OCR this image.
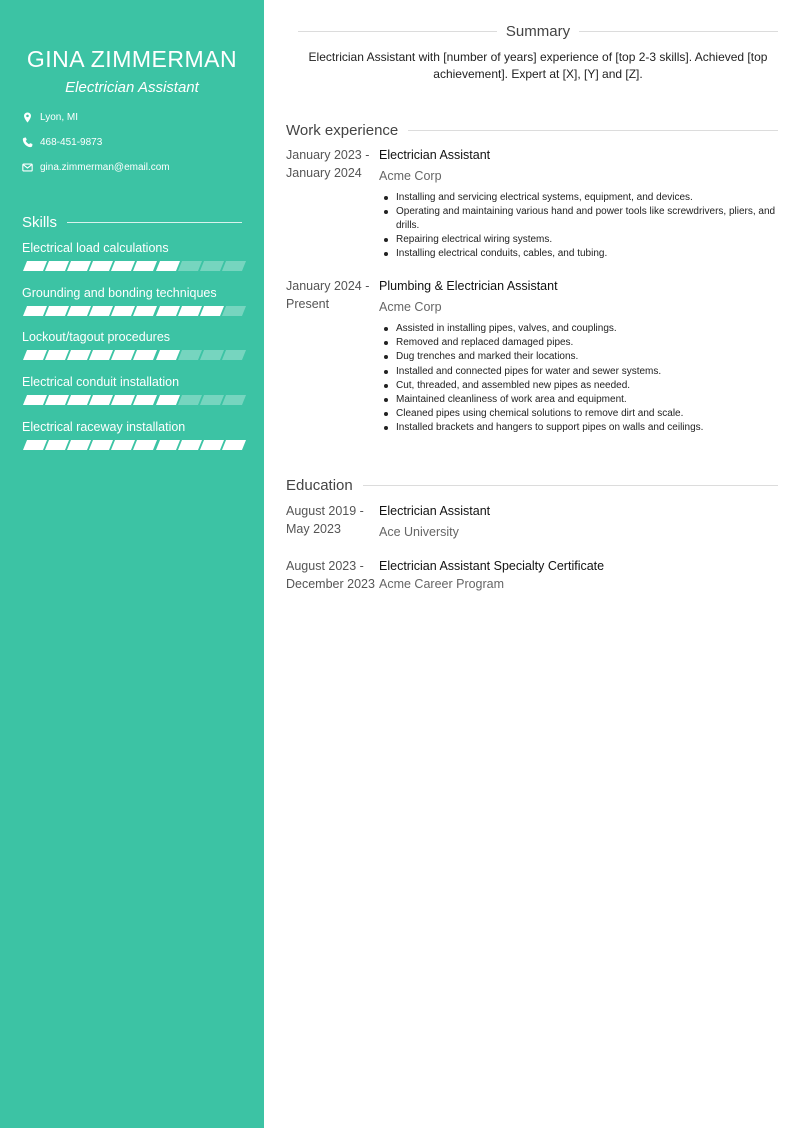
GINA ZIMMERMAN
Electrician Assistant
Lyon, MI
468-451-9873
gina.zimmerman@email.com
Skills
Electrical load calculations
Grounding and bonding techniques
Lockout/tagout procedures
Electrical conduit installation
Electrical raceway installation
Summary
Electrician Assistant with [number of years] experience of [top 2-3 skills]. Achieved [top achievement]. Expert at [X], [Y] and [Z].
Work experience
January 2023 -
January 2024
Electrician Assistant
Acme Corp
Installing and servicing electrical systems, equipment, and devices.
Operating and maintaining various hand and power tools like screwdrivers, pliers, and drills.
Repairing electrical wiring systems.
Installing electrical conduits, cables, and tubing.
January 2024 -
Present
Plumbing & Electrician Assistant
Acme Corp
Assisted in installing pipes, valves, and couplings.
Removed and replaced damaged pipes.
Dug trenches and marked their locations.
Installed and connected pipes for water and sewer systems.
Cut, threaded, and assembled new pipes as needed.
Maintained cleanliness of work area and equipment.
Cleaned pipes using chemical solutions to remove dirt and scale.
Installed brackets and hangers to support pipes on walls and ceilings.
Education
August 2019 -
May 2023
Electrician Assistant
Ace University
August 2023 -
December 2023
Electrician Assistant Specialty Certificate
Acme Career Program
